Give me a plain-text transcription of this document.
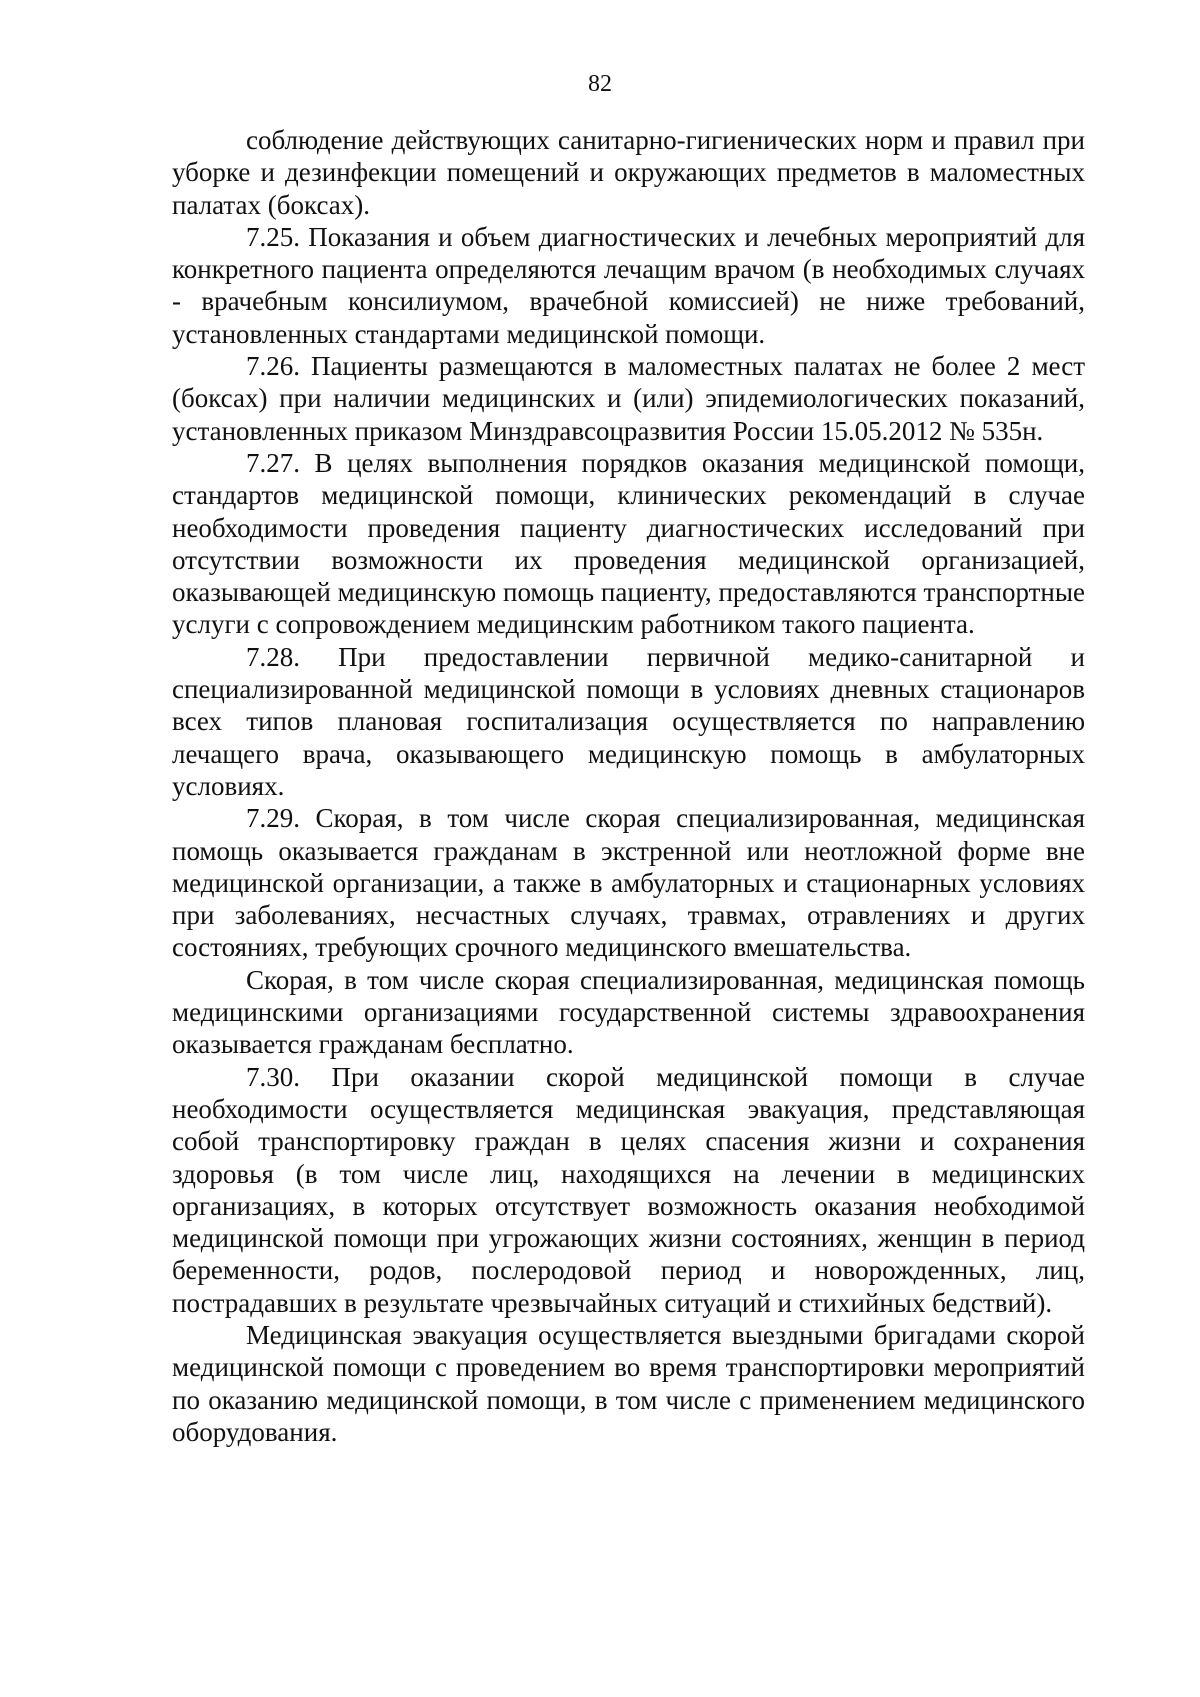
82

соблюдение действующих санитарно-гигиенических норм и правил при уборке и дезинфекции помещений и окружающих предметов в маломестных палатах (боксах).

7.25. Показания и объем диагностических и лечебных мероприятий для конкретного пациента определяются лечащим врачом (в необходимых случаях - врачебным консилиумом, врачебной комиссией) не ниже требований, установленных стандартами медицинской помощи.

7.26. Пациенты размещаются в маломестных палатах не более 2 мест (боксах) при наличии медицинских и (или) эпидемиологических показаний, установленных приказом Минздравсоцразвития России 15.05.2012 № 535н.

7.27. В целях выполнения порядков оказания медицинской помощи, стандартов медицинской помощи, клинических рекомендаций в случае необходимости проведения пациенту диагностических исследований при отсутствии возможности их проведения медицинской организацией, оказывающей медицинскую помощь пациенту, предоставляются транспортные услуги с сопровождением медицинским работником такого пациента.

7.28. При предоставлении первичной медико-санитарной и специализированной медицинской помощи в условиях дневных стационаров всех типов плановая госпитализация осуществляется по направлению лечащего врача, оказывающего медицинскую помощь в амбулаторных условиях.

7.29. Скорая, в том числе скорая специализированная, медицинская помощь оказывается гражданам в экстренной или неотложной форме вне медицинской организации, а также в амбулаторных и стационарных условиях при заболеваниях, несчастных случаях, травмах, отравлениях и других состояниях, требующих срочного медицинского вмешательства.

Скорая, в том числе скорая специализированная, медицинская помощь медицинскими организациями государственной системы здравоохранения оказывается гражданам бесплатно.

7.30. При оказании скорой медицинской помощи в случае необходимости осуществляется медицинская эвакуация, представляющая собой транспортировку граждан в целях спасения жизни и сохранения здоровья (в том числе лиц, находящихся на лечении в медицинских организациях, в которых отсутствует возможность оказания необходимой медицинской помощи при угрожающих жизни состояниях, женщин в период беременности, родов, послеродовой период и новорожденных, лиц, пострадавших в результате чрезвычайных ситуаций и стихийных бедствий).

Медицинская эвакуация осуществляется выездными бригадами скорой медицинской помощи с проведением во время транспортировки мероприятий по оказанию медицинской помощи, в том числе с применением медицинского оборудования.
